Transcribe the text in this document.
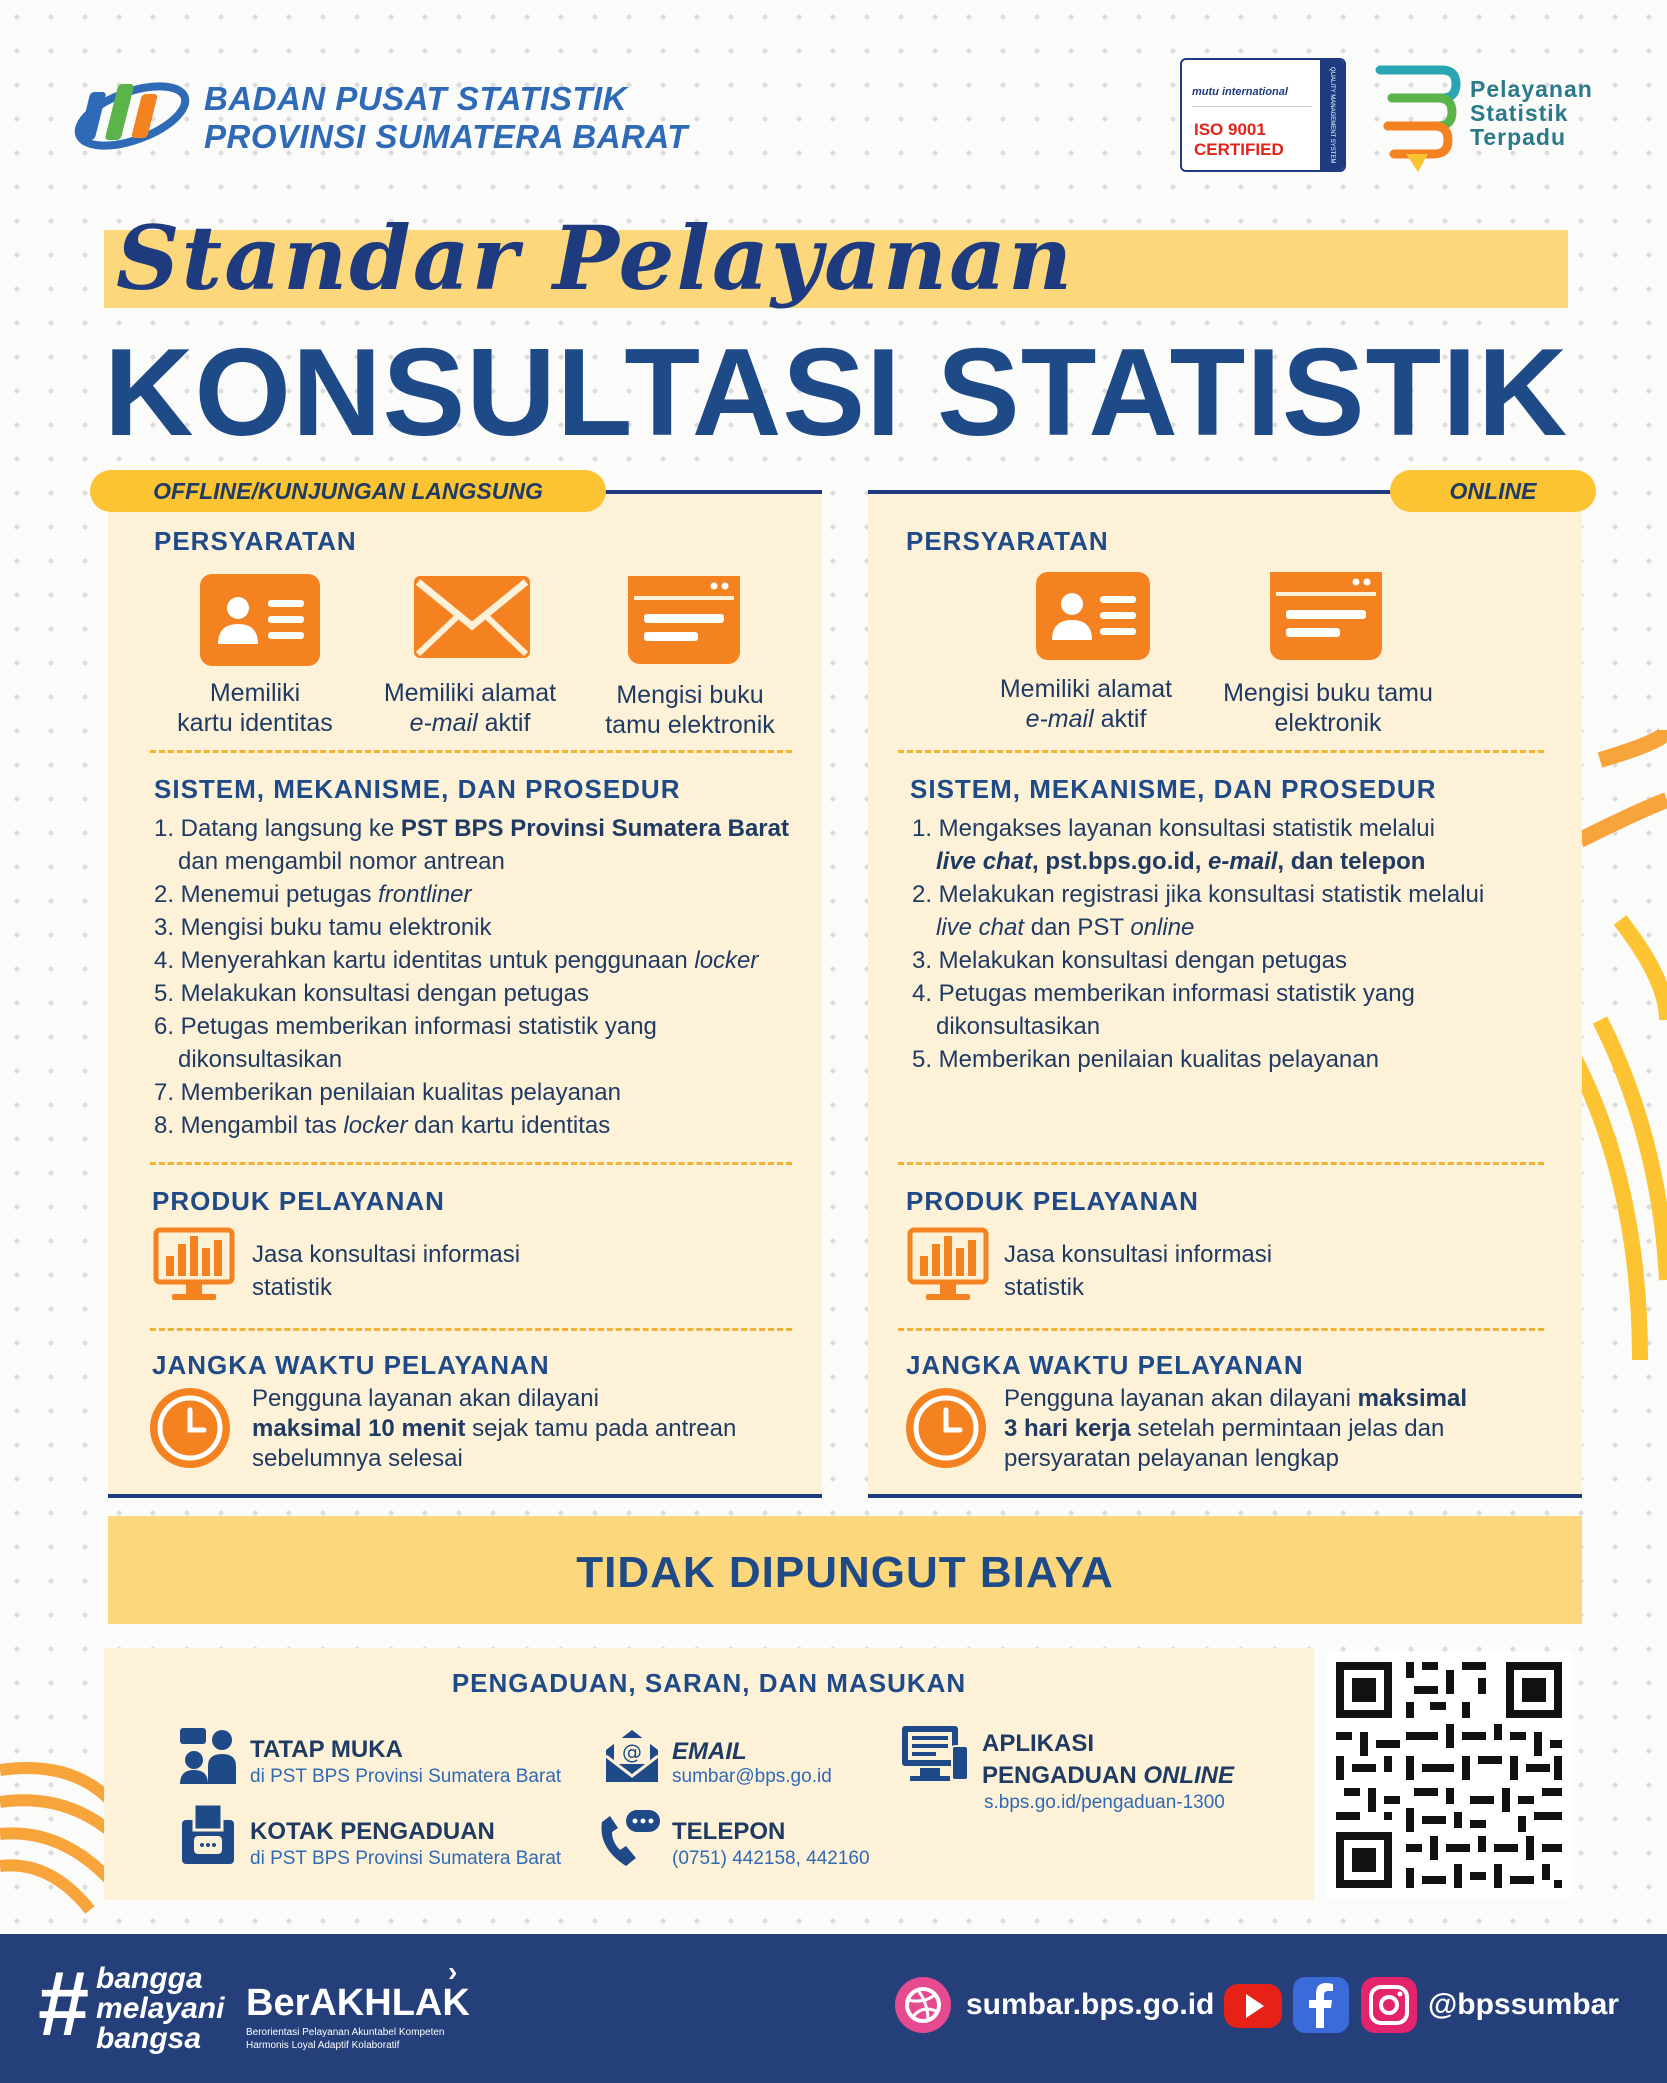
BADAN PUSAT STATISTIK
PROVINSI SUMATERA BARAT
mutu international
ISO 9001
CERTIFIED	QUALITY MANAGEMENT SYSTEM	Pelayanan
Statistik
Terpadu
Standar Pelayanan
KONSULTASI STATISTIK
OFFLINE/KUNJUNGAN LANGSUNG	ONLINE
PERSYARATAN
Memiliki
kartu identitas
Memiliki alamat
e-mail aktif
Mengisi buku
tamu elektronik
SISTEM, MEKANISME, DAN PROSEDUR
1. Datang langsung ke PST BPS Provinsi Sumatera Barat
dan mengambil nomor antrean
2. Menemui petugas frontliner
3. Mengisi buku tamu elektronik
4. Menyerahkan kartu identitas untuk penggunaan locker
5. Melakukan konsultasi dengan petugas
6. Petugas memberikan informasi statistik yang
dikonsultasikan
7. Memberikan penilaian kualitas pelayanan
8. Mengambil tas locker dan kartu identitas
PRODUK PELAYANAN
Jasa konsultasi informasi
statistik
JANGKA WAKTU PELAYANAN
Pengguna layanan akan dilayani
maksimal 10 menit sejak tamu pada antrean
sebelumnya selesai
PERSYARATAN
Memiliki alamat
e-mail aktif
Mengisi buku tamu
elektronik
SISTEM, MEKANISME, DAN PROSEDUR
1. Mengakses layanan konsultasi statistik melalui
live chat, pst.bps.go.id, e-mail, dan telepon
2. Melakukan registrasi jika konsultasi statistik melalui
live chat dan PST online
3. Melakukan konsultasi dengan petugas
4. Petugas memberikan informasi statistik yang
dikonsultasikan
5. Memberikan penilaian kualitas pelayanan
PRODUK PELAYANAN
Jasa konsultasi informasi
statistik
JANGKA WAKTU PELAYANAN
Pengguna layanan akan dilayani maksimal
3 hari kerja setelah permintaan jelas dan
persyaratan pelayanan lengkap
TIDAK DIPUNGUT BIAYA
PENGADUAN, SARAN, DAN MASUKAN
TATAP MUKA
di PST BPS Provinsi Sumatera Barat
KOTAK PENGADUAN
di PST BPS Provinsi Sumatera Barat
@ EMAIL
sumbar@bps.go.id
TELEPON
(0751) 442158, 442160
APLIKASI
PENGADUAN ONLINE
s.bps.go.id/pengaduan-1300
# bangga
melayani
bangsa
BerAKHLAK
›
Berorientasi Pelayanan Akuntabel Kompeten
Harmonis Loyal Adaptif Kolaboratif
sumbar.bps.go.id	@bpssumbar
